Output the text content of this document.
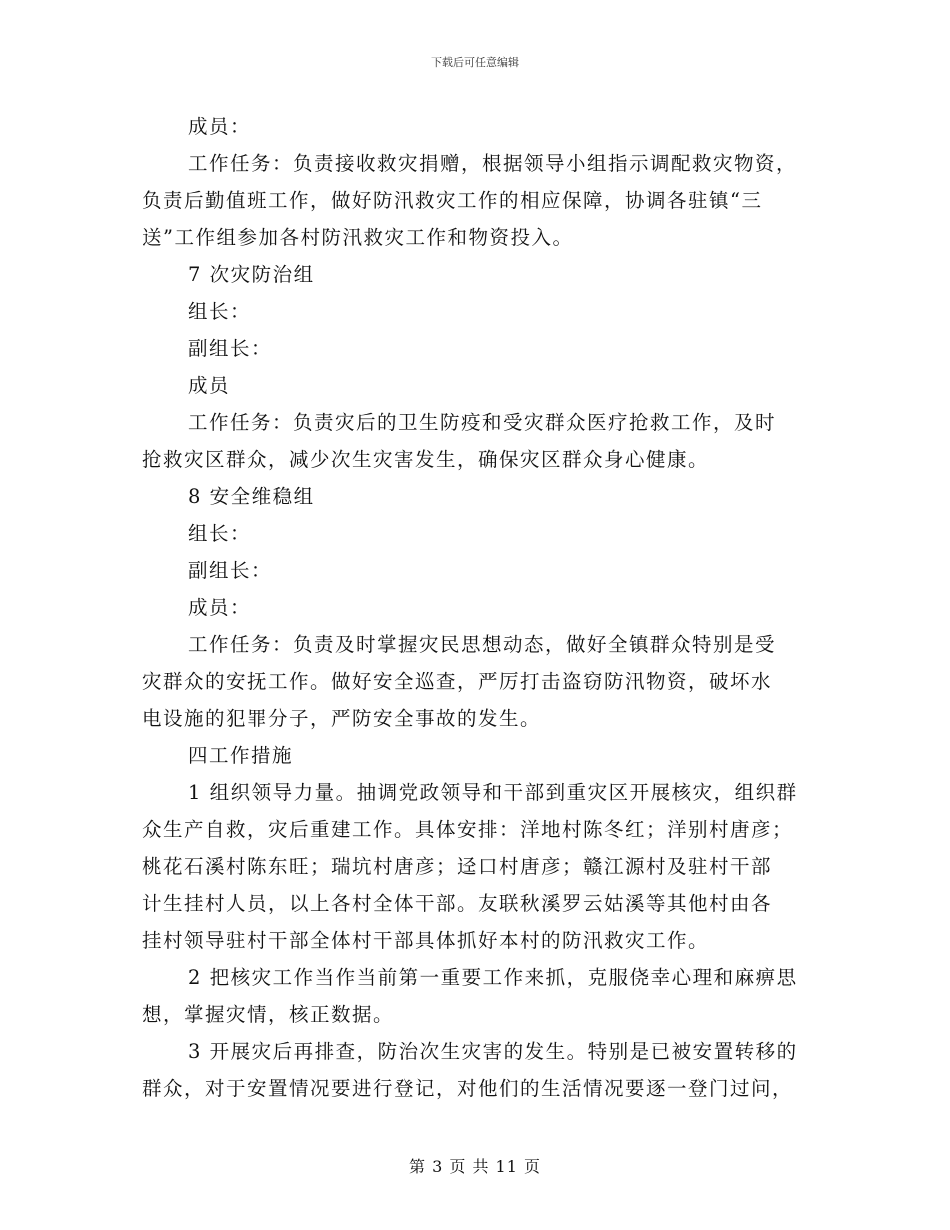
下载后可任意编辑
成员：
工作任务：负责接收救灾捐赠，根据领导小组指示调配救灾物资，
负责后勤值班工作，做好防汛救灾工作的相应保障，协调各驻镇“三
送”工作组参加各村防汛救灾工作和物资投入。
7 次灾防治组
组长：
副组长：
成员
工作任务：负责灾后的卫生防疫和受灾群众医疗抢救工作，及时
抢救灾区群众，减少次生灾害发生，确保灾区群众身心健康。
8 安全维稳组
组长：
副组长：
成员：
工作任务：负责及时掌握灾民思想动态，做好全镇群众特别是受
灾群众的安抚工作。做好安全巡查，严厉打击盗窃防汛物资，破坏水
电设施的犯罪分子，严防安全事故的发生。
四工作措施
1 组织领导力量。抽调党政领导和干部到重灾区开展核灾，组织群
众生产自救，灾后重建工作。具体安排：洋地村陈冬红；洋别村唐彦；
桃花石溪村陈东旺；瑞坑村唐彦；迳口村唐彦；赣江源村及驻村干部
计生挂村人员，以上各村全体干部。友联秋溪罗云姑溪等其他村由各
挂村领导驻村干部全体村干部具体抓好本村的防汛救灾工作。
2 把核灾工作当作当前第一重要工作来抓，克服侥幸心理和麻痹思
想，掌握灾情，核正数据。
3 开展灾后再排查，防治次生灾害的发生。特别是已被安置转移的
群众，对于安置情况要进行登记，对他们的生活情况要逐一登门过问，
第 3 页 共 11 页
